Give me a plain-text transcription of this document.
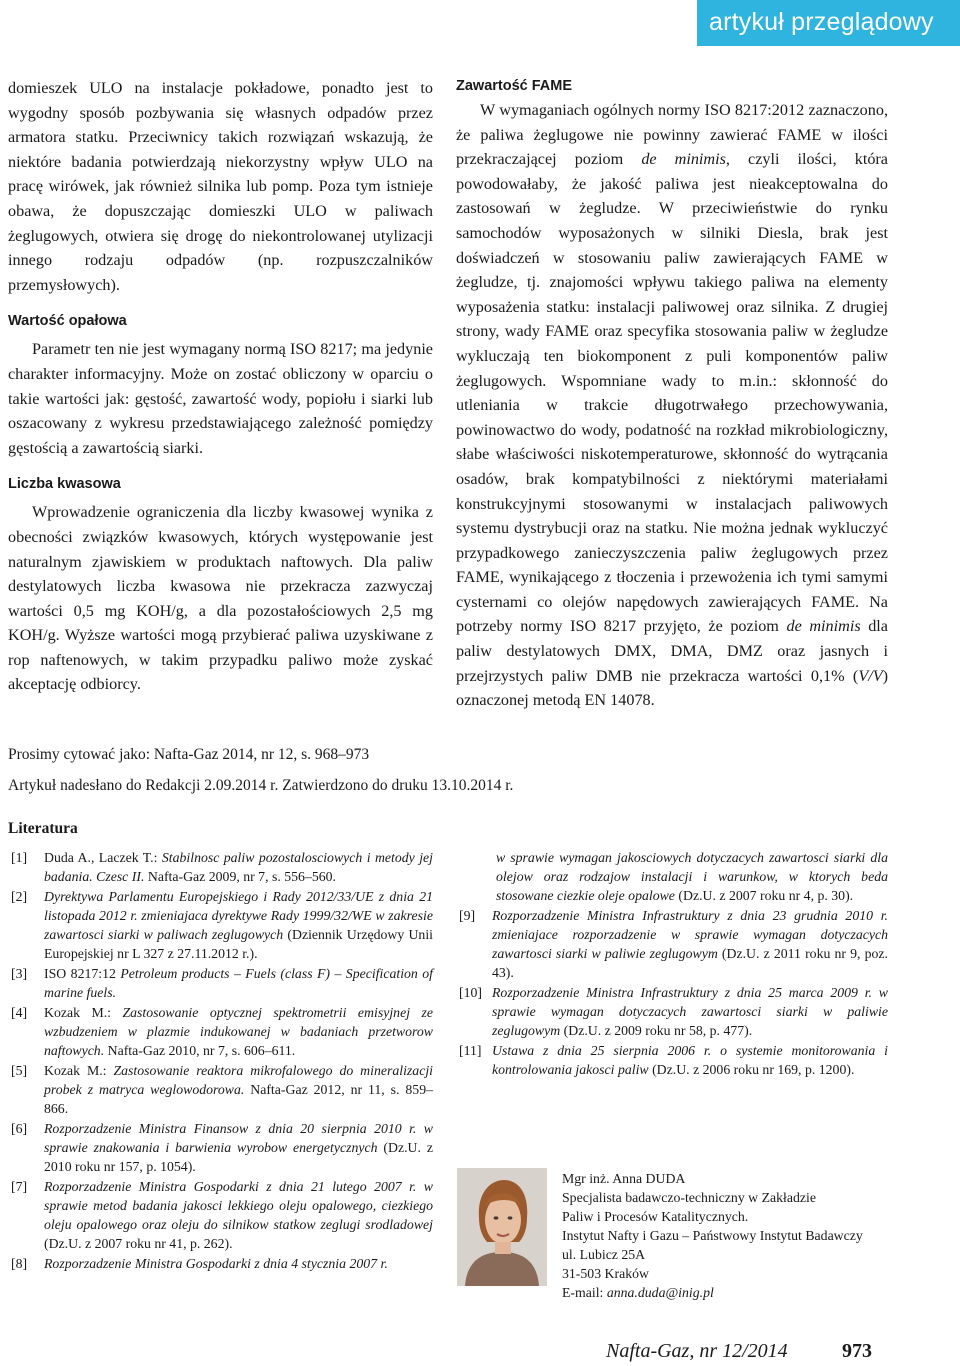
artykuł przeglądowy

domieszek ULO na instalacje pokładowe, ponadto jest to wygodny sposób pozbywania się własnych odpadów przez armatora statku. Przeciwnicy takich rozwiązań wskazują, że niektóre badania potwierdzają niekorzystny wpływ ULO na pracę wirówek, jak również silnika lub pomp. Poza tym istnieje obawa, że dopuszczając domieszki ULO w paliwach żeglugowych, otwiera się drogę do niekontrolowanej utylizacji innego rodzaju odpadów (np. rozpuszczalników przemysłowych).

Wartość opałowa

Parametr ten nie jest wymagany normą ISO 8217; ma jedynie charakter informacyjny. Może on zostać obliczony w oparciu o takie wartości jak: gęstość, zawartość wody, popiołu i siarki lub oszacowany z wykresu przedstawiającego zależność pomiędzy gęstością a zawartością siarki.

Liczba kwasowa

Wprowadzenie ograniczenia dla liczby kwasowej wynika z obecności związków kwasowych, których występowanie jest naturalnym zjawiskiem w produktach naftowych. Dla paliw destylatowych liczba kwasowa nie przekracza zazwyczaj wartości 0,5 mg KOH/g, a dla pozostałościowych 2,5 mg KOH/g. Wyższe wartości mogą przybierać paliwa uzyskiwane z rop naftenowych, w takim przypadku paliwo może zyskać akceptację odbiorcy.

Zawartość FAME

W wymaganiach ogólnych normy ISO 8217:2012 zaznaczono, że paliwa żeglugowe nie powinny zawierać FAME w ilości przekraczającej poziom de minimis, czyli ilości, która powodowałaby, że jakość paliwa jest nieakceptowalna do zastosowań w żegludze. W przeciwieństwie do rynku samochodów wyposażonych w silniki Diesla, brak jest doświadczeń w stosowaniu paliw zawierających FAME w żegludze, tj. znajomości wpływu takiego paliwa na elementy wyposażenia statku: instalacji paliwowej oraz silnika. Z drugiej strony, wady FAME oraz specyfika stosowania paliw w żegludze wykluczają ten biokomponent z puli komponentów paliw żeglugowych. Wspomniane wady to m.in.: skłonność do utleniania w trakcie długotrwałego przechowywania, powinowactwo do wody, podatność na rozkład mikrobiologiczny, słabe właściwości niskotemperaturowe, skłonność do wytrącania osadów, brak kompatybilności z niektórymi materiałami konstrukcyjnymi stosowanymi w instalacjach paliwowych systemu dystrybucji oraz na statku. Nie można jednak wykluczyć przypadkowego zanieczyszczenia paliw żeglugowych przez FAME, wynikającego z tłoczenia i przewożenia ich tymi samymi cysternami co olejów napędowych zawierających FAME. Na potrzeby normy ISO 8217 przyjęto, że poziom de minimis dla paliw destylatowych DMX, DMA, DMZ oraz jasnych i przejrzystych paliw DMB nie przekracza wartości 0,1% (V/V) oznaczonej metodą EN 14078.

Prosimy cytować jako: Nafta-Gaz 2014, nr 12, s. 968–973
Artykuł nadesłano do Redakcji 2.09.2014 r. Zatwierdzono do druku 13.10.2014 r.
Literatura
[1] Duda A., Laczek T.: Stabilnosc paliw pozostalosciowych i metody jej badania. Czesc II. Nafta-Gaz 2009, nr 7, s. 556–560.
[2] Dyrektywa Parlamentu Europejskiego i Rady 2012/33/UE z dnia 21 listopada 2012 r. zmieniajaca dyrektywe Rady 1999/32/WE w zakresie zawartosci siarki w paliwach zeglugowych (Dziennik Urzędowy Unii Europejskiej nr L 327 z 27.11.2012 r.).
[3] ISO 8217:12 Petroleum products – Fuels (class F) – Specification of marine fuels.
[4] Kozak M.: Zastosowanie optycznej spektrometrii emisyjnej ze wzbudzeniem w plazmie indukowanej w badaniach przetworow naftowych. Nafta-Gaz 2010, nr 7, s. 606–611.
[5] Kozak M.: Zastosowanie reaktora mikrofalowego do mineralizacji probek z matryca weglowodorowa. Nafta-Gaz 2012, nr 11, s. 859–866.
[6] Rozporzadzenie Ministra Finansow z dnia 20 sierpnia 2010 r. w sprawie znakowania i barwienia wyrobow energetycznych (Dz.U. z 2010 roku nr 157, p. 1054).
[7] Rozporzadzenie Ministra Gospodarki z dnia 21 lutego 2007 r. w sprawie metod badania jakosci lekkiego oleju opalowego, ciezkiego oleju opalowego oraz oleju do silnikow statkow zeglugi srodladowej (Dz.U. z 2007 roku nr 41, p. 262).
[8] Rozporzadzenie Ministra Gospodarki z dnia 4 stycznia 2007 r.
w sprawie wymagan jakosciowych dotyczacych zawartosci siarki dla olejow oraz rodzajow instalacji i warunkow, w ktorych beda stosowane ciezkie oleje opalowe (Dz.U. z 2007 roku nr 4, p. 30).
[9] Rozporzadzenie Ministra Infrastruktury z dnia 23 grudnia 2010 r. zmieniajace rozporzadzenie w sprawie wymagan dotyczacych zawartosci siarki w paliwie zeglugowym (Dz.U. z 2011 roku nr 9, poz. 43).
[10] Rozporzadzenie Ministra Infrastruktury z dnia 25 marca 2009 r. w sprawie wymagan dotyczacych zawartosci siarki w paliwie zeglugowym (Dz.U. z 2009 roku nr 58, p. 477).
[11] Ustawa z dnia 25 sierpnia 2006 r. o systemie monitorowania i kontrolowania jakosci paliw (Dz.U. z 2006 roku nr 169, p. 1200).
Mgr inż. Anna DUDA
Specjalista badawczo-techniczny w Zakładzie
Paliw i Procesów Katalitycznych.
Instytut Nafty i Gazu – Państwowy Instytut Badawczy
ul. Lubicz 25A
31-503 Kraków
E-mail: anna.duda@inig.pl
Nafta-Gaz, nr 12/2014	973
